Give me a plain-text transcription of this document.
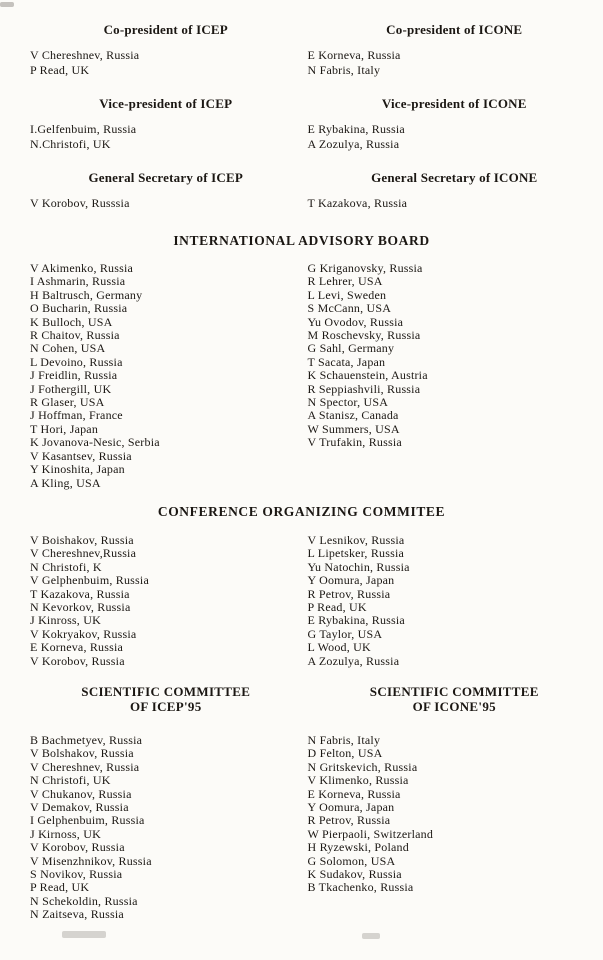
Co-president of ICEP
V Chereshnev, Russia
P Read, UK
Vice-president of ICEP
I.Gelfenbuim, Russia
N.Christofi, UK
General Secretary of ICEP
V Korobov, Russsia
Co-president of ICONE
E Korneva, Russia
N Fabris, Italy
Vice-president of ICONE
E Rybakina, Russia
A Zozulya, Russia
General Secretary of ICONE
T Kazakova, Russia
INTERNATIONAL ADVISORY BOARD
V Akimenko, Russia
I Ashmarin, Russia
H Baltrusch, Germany
O Bucharin, Russia
K Bulloch, USA
R Chaitov, Russia
N Cohen, USA
L Devoino, Russia
J Freidlin, Russia
J Fothergill, UK
R Glaser, USA
J Hoffman, France
T Hori, Japan
K Jovanova-Nesic, Serbia
V Kasantsev, Russia
Y Kinoshita, Japan
A Kling, USA
G Kriganovsky, Russia
R Lehrer, USA
L Levi, Sweden
S McCann, USA
Yu Ovodov, Russia
M Roschevsky, Russia
G Sahl, Germany
T Sacata, Japan
K Schauenstein, Austria
R Seppiashvili, Russia
N Spector, USA
A Stanisz, Canada
W Summers, USA
V Trufakin, Russia
CONFERENCE ORGANIZING COMMITEE
V Boishakov, Russia
V Chereshnev,Russia
N Christofi, K
V Gelphenbuim, Russia
T Kazakova, Russia
N Kevorkov, Russia
J Kinross, UK
V Kokryakov, Russia
E Korneva, Russia
V Korobov, Russia
V Lesnikov, Russia
L Lipetsker, Russia
Yu Natochin, Russia
Y Oomura, Japan
R Petrov, Russia
P Read, UK
E Rybakina, Russia
G Taylor, USA
L Wood, UK
A Zozulya, Russia
SCIENTIFIC COMMITTEE
OF ICEP'95
SCIENTIFIC COMMITTEE
OF ICONE'95
B Bachmetyev, Russia
V Bolshakov, Russia
V Chereshnev, Russia
N Christofi, UK
V Chukanov, Russia
V Demakov, Russia
I Gelphenbuim, Russia
J Kirnoss, UK
V Korobov, Russia
V Misenzhnikov, Russia
S Novikov, Russia
P Read, UK
N Schekoldin, Russia
N Zaitseva, Russia
N Fabris, Italy
D Felton, USA
N Gritskevich, Russia
V Klimenko, Russia
E Korneva, Russia
Y Oomura, Japan
R Petrov, Russia
W Pierpaoli, Switzerland
H Ryzewski, Poland
G Solomon, USA
K Sudakov, Russia
B Tkachenko, Russia
